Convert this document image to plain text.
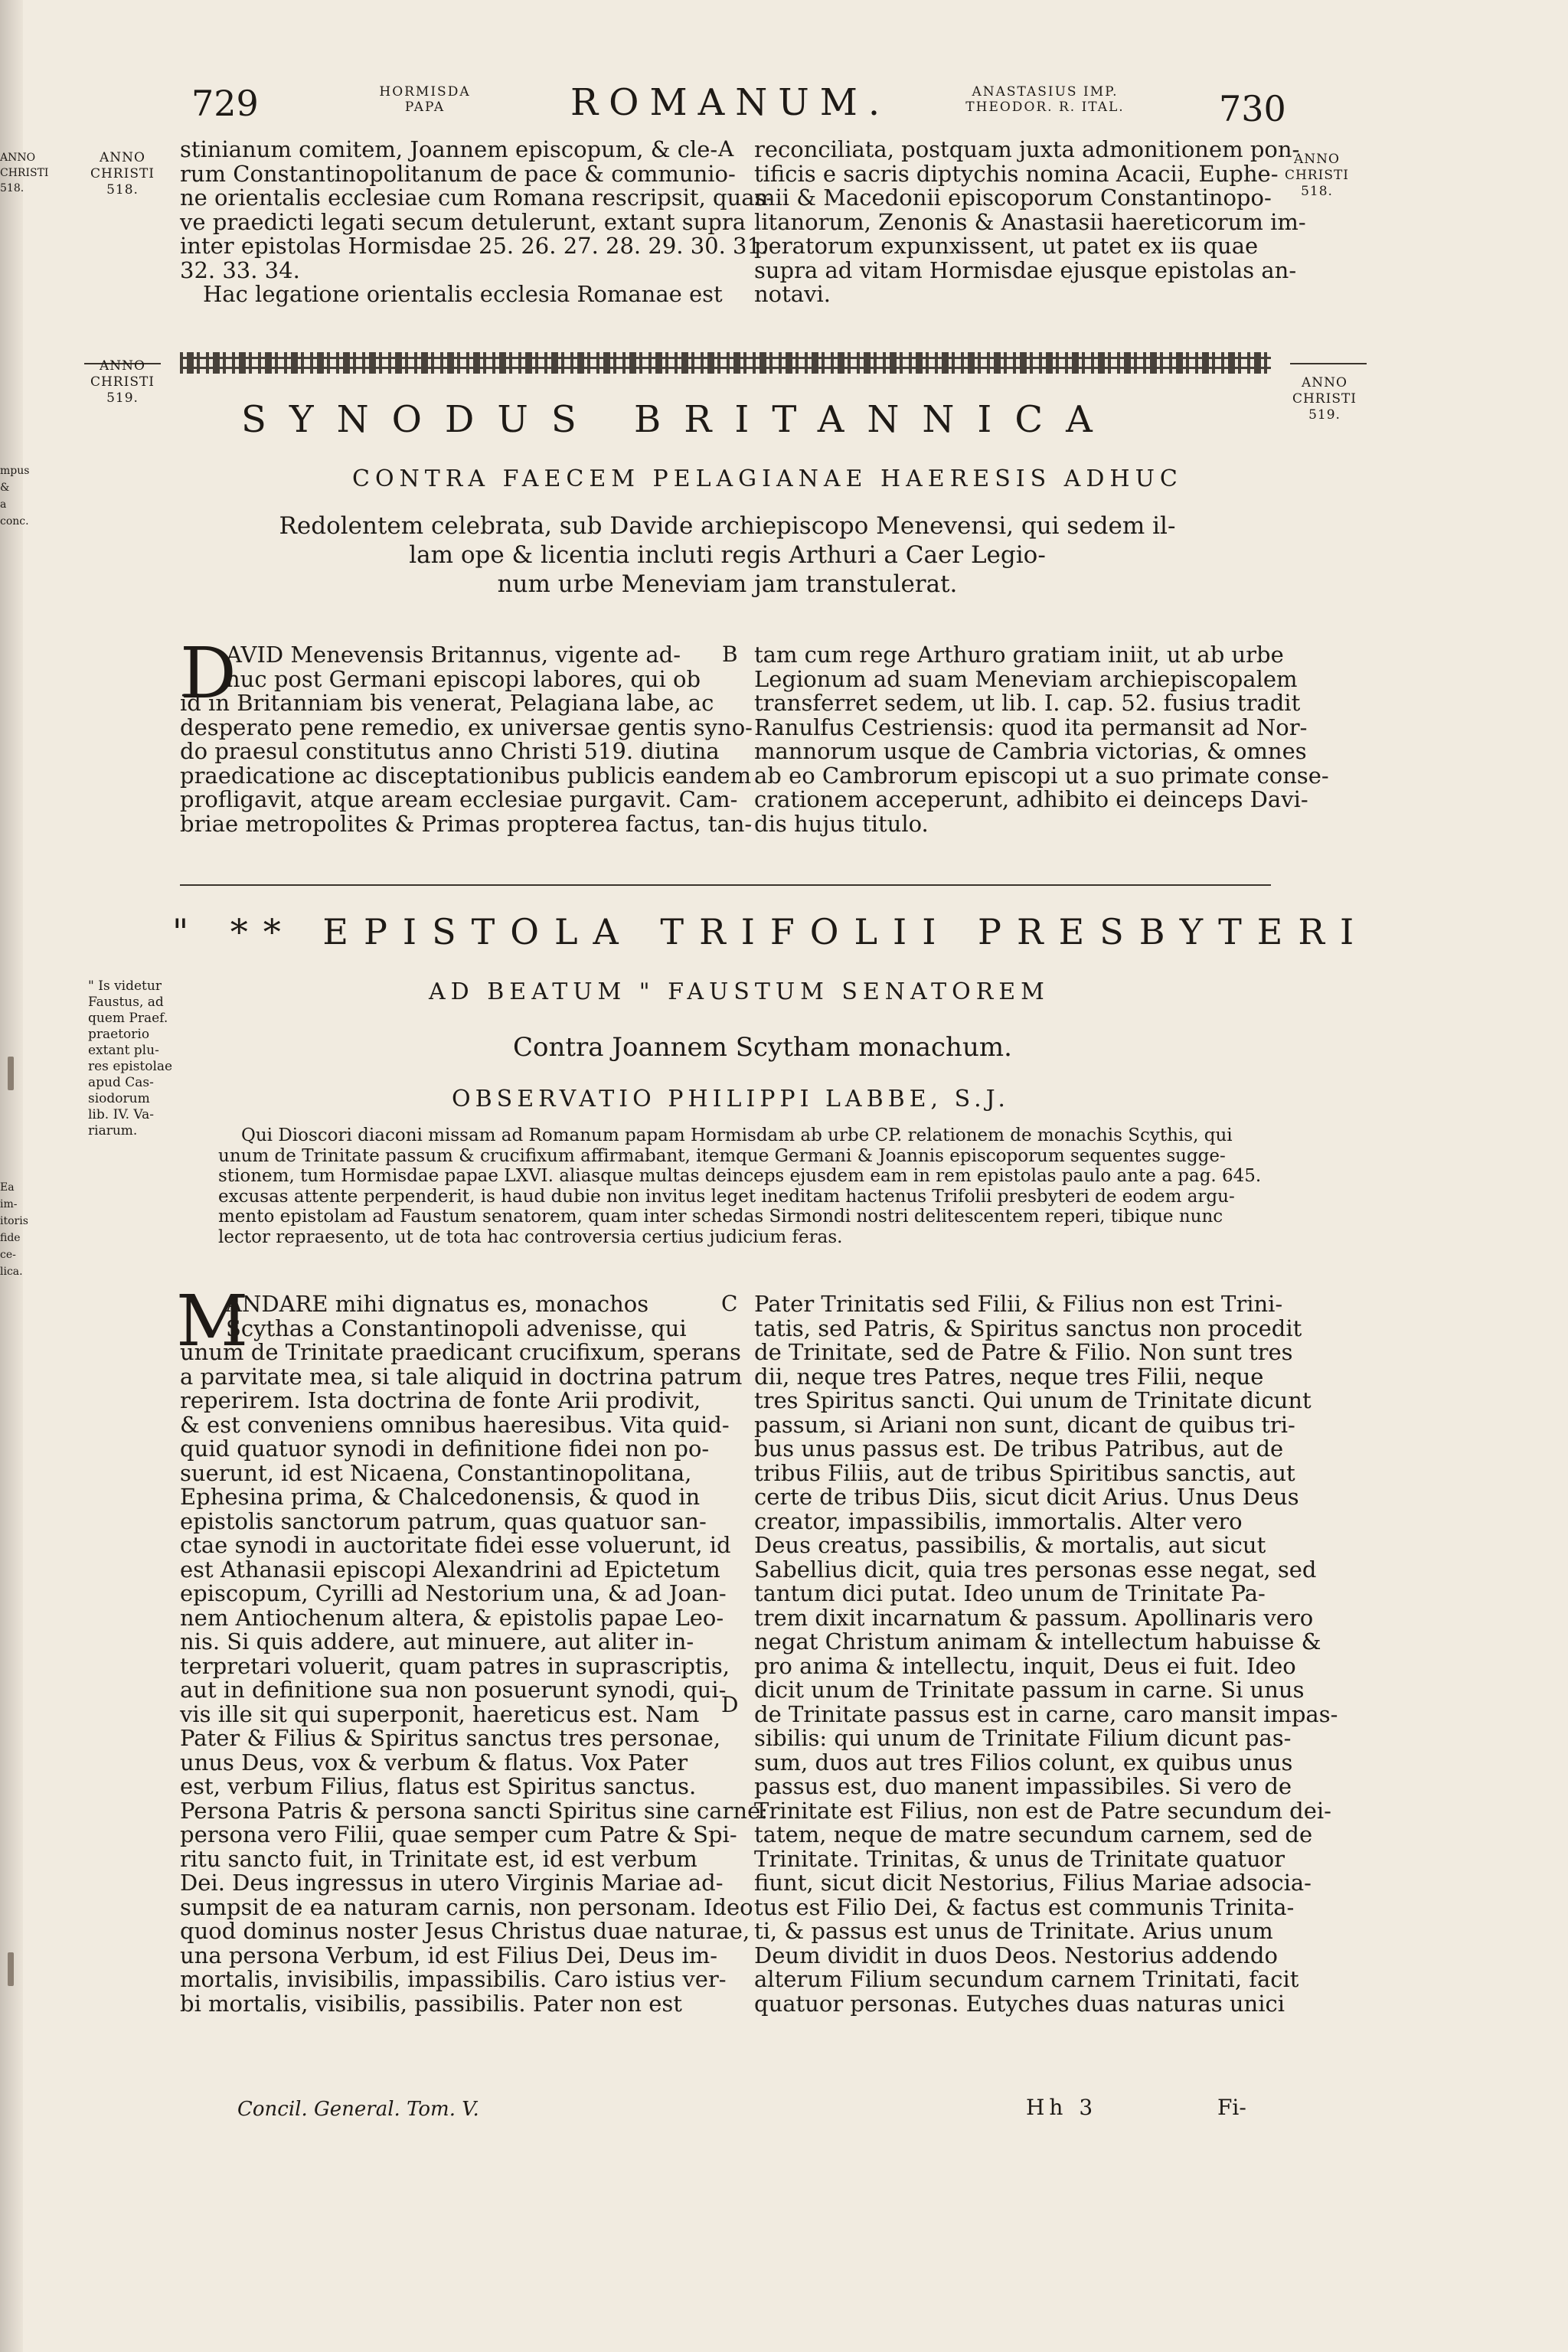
ANNO
CHRISTI
518.
mpus &
a conc.
Ea im-
itoris
fide ce-
lica.
729	HORMISDA
PAPA	ROMANUM.	ANASTASIUS IMP.
THEODOR. R. ITAL.	730
ANNO
CHRISTI
518.
ANNO
CHRISTI
518.
stinianum comitem, Joannem episcopum, & cle-
rum Constantinopolitanum de pace & communio-
ne orientalis ecclesiae cum Romana rescripsit, quas-
ve praedicti legati secum detulerunt, extant supra
inter epistolas Hormisdae 25. 26. 27. 28. 29. 30. 31.
32. 33. 34.
Hac legatione orientalis ecclesia Romanae est
A reconciliata, postquam juxta admonitionem pon-
tificis e sacris diptychis nomina Acacii, Euphe-
mii & Macedonii episcoporum Constantinopo-
litanorum, Zenonis & Anastasii haereticorum im-
peratorum expunxissent, ut patet ex iis quae
supra ad vitam Hormisdae ejusque epistolas an-
notavi.
ANNO
CHRISTI
519.
ANNO
CHRISTI
519.
SYNODUS BRITANNICA
CONTRA FAECEM PELAGIANAE HAERESIS ADHUC
Redolentem celebrata, sub Davide archiepiscopo Menevensi, qui sedem il-
lam ope & licentia incluti regis Arthuri a Caer Legio-
num urbe Meneviam jam transtulerat.
D
AVID Menevensis Britannus, vigente ad-
huc post Germani episcopi labores, qui ob
id in Britanniam bis venerat, Pelagiana labe, ac
desperato pene remedio, ex universae gentis syno-
do praesul constitutus anno Christi 519. diutina
praedicatione ac disceptationibus publicis eandem
profligavit, atque aream ecclesiae purgavit. Cam-
briae metropolites & Primas propterea factus, tan-
B tam cum rege Arthuro gratiam iniit, ut ab urbe
Legionum ad suam Meneviam archiepiscopalem
transferret sedem, ut lib. I. cap. 52. fusius tradit
Ranulfus Cestriensis: quod ita permansit ad Nor-
mannorum usque de Cambria victorias, & omnes
ab eo Cambrorum episcopi ut a suo primate conse-
crationem acceperunt, adhibito ei deinceps Davi-
dis hujus titulo.
" ** EPISTOLA TRIFOLII PRESBYTERI
AD BEATUM " FAUSTUM SENATOREM
Contra Joannem Scytham monachum.
OBSERVATIO PHILIPPI LABBE, S.J.
" Is videtur
Faustus, ad
quem Praef.
praetorio
extant plu-
res epistolae
apud Cas-
siodorum
lib. IV. Va-
riarum.	Qui Dioscori diaconi missam ad Romanum papam Hormisdam ab urbe CP. relationem de monachis Scythis, qui
unum de Trinitate passum & crucifixum affirmabant, itemque Germani & Joannis episcoporum sequentes sugge-
stionem, tum Hormisdae papae LXVI. aliasque multas deinceps ejusdem eam in rem epistolas paulo ante a pag. 645.
excusas attente perpenderit, is haud dubie non invitus leget ineditam hactenus Trifolii presbyteri de eodem argu-
mento epistolam ad Faustum senatorem, quam inter schedas Sirmondi nostri delitescentem reperi, tibique nunc
lector repraesento, ut de tota hac controversia certius judicium feras.
M
ANDARE mihi dignatus es, monachos
Scythas a Constantinopoli advenisse, qui
unum de Trinitate praedicant crucifixum, sperans
a parvitate mea, si tale aliquid in doctrina patrum
reperirem. Ista doctrina de fonte Arii prodivit,
& est conveniens omnibus haeresibus. Vita quid-
quid quatuor synodi in definitione fidei non po-
suerunt, id est Nicaena, Constantinopolitana,
Ephesina prima, & Chalcedonensis, & quod in
epistolis sanctorum patrum, quas quatuor san-
ctae synodi in auctoritate fidei esse voluerunt, id
est Athanasii episcopi Alexandrini ad Epictetum
episcopum, Cyrilli ad Nestorium una, & ad Joan-
nem Antiochenum altera, & epistolis papae Leo-
nis. Si quis addere, aut minuere, aut aliter in-
terpretari voluerit, quam patres in suprascriptis,
aut in definitione sua non posuerunt synodi, qui-
vis ille sit qui superponit, haereticus est. Nam
Pater & Filius & Spiritus sanctus tres personae,
unus Deus, vox & verbum & flatus. Vox Pater
est, verbum Filius, flatus est Spiritus sanctus.
Persona Patris & persona sancti Spiritus sine carne:
persona vero Filii, quae semper cum Patre & Spi-
ritu sancto fuit, in Trinitate est, id est verbum
Dei. Deus ingressus in utero Virginis Mariae ad-
sumpsit de ea naturam carnis, non personam. Ideo
quod dominus noster Jesus Christus duae naturae,
una persona Verbum, id est Filius Dei, Deus im-
mortalis, invisibilis, impassibilis. Caro istius ver-
bi mortalis, visibilis, passibilis. Pater non est
C
D
Pater Trinitatis sed Filii, & Filius non est Trini-
tatis, sed Patris, & Spiritus sanctus non procedit
de Trinitate, sed de Patre & Filio. Non sunt tres
dii, neque tres Patres, neque tres Filii, neque
tres Spiritus sancti. Qui unum de Trinitate dicunt
passum, si Ariani non sunt, dicant de quibus tri-
bus unus passus est. De tribus Patribus, aut de
tribus Filiis, aut de tribus Spiritibus sanctis, aut
certe de tribus Diis, sicut dicit Arius. Unus Deus
creator, impassibilis, immortalis. Alter vero
Deus creatus, passibilis, & mortalis, aut sicut
Sabellius dicit, quia tres personas esse negat, sed
tantum dici putat. Ideo unum de Trinitate Pa-
trem dixit incarnatum & passum. Apollinaris vero
negat Christum animam & intellectum habuisse &
pro anima & intellectu, inquit, Deus ei fuit. Ideo
dicit unum de Trinitate passum in carne. Si unus
de Trinitate passus est in carne, caro mansit impas-
sibilis: qui unum de Trinitate Filium dicunt pas-
sum, duos aut tres Filios colunt, ex quibus unus
passus est, duo manent impassibiles. Si vero de
Trinitate est Filius, non est de Patre secundum dei-
tatem, neque de matre secundum carnem, sed de
Trinitate. Trinitas, & unus de Trinitate quatuor
fiunt, sicut dicit Nestorius, Filius Mariae adsocia-
tus est Filio Dei, & factus est communis Trinita-
ti, & passus est unus de Trinitate. Arius unum
Deum dividit in duos Deos. Nestorius addendo
alterum Filium secundum carnem Trinitati, facit
quatuor personas. Eutyches duas naturas unici
Concil. General. Tom. V.	Hh 3	Fi-
